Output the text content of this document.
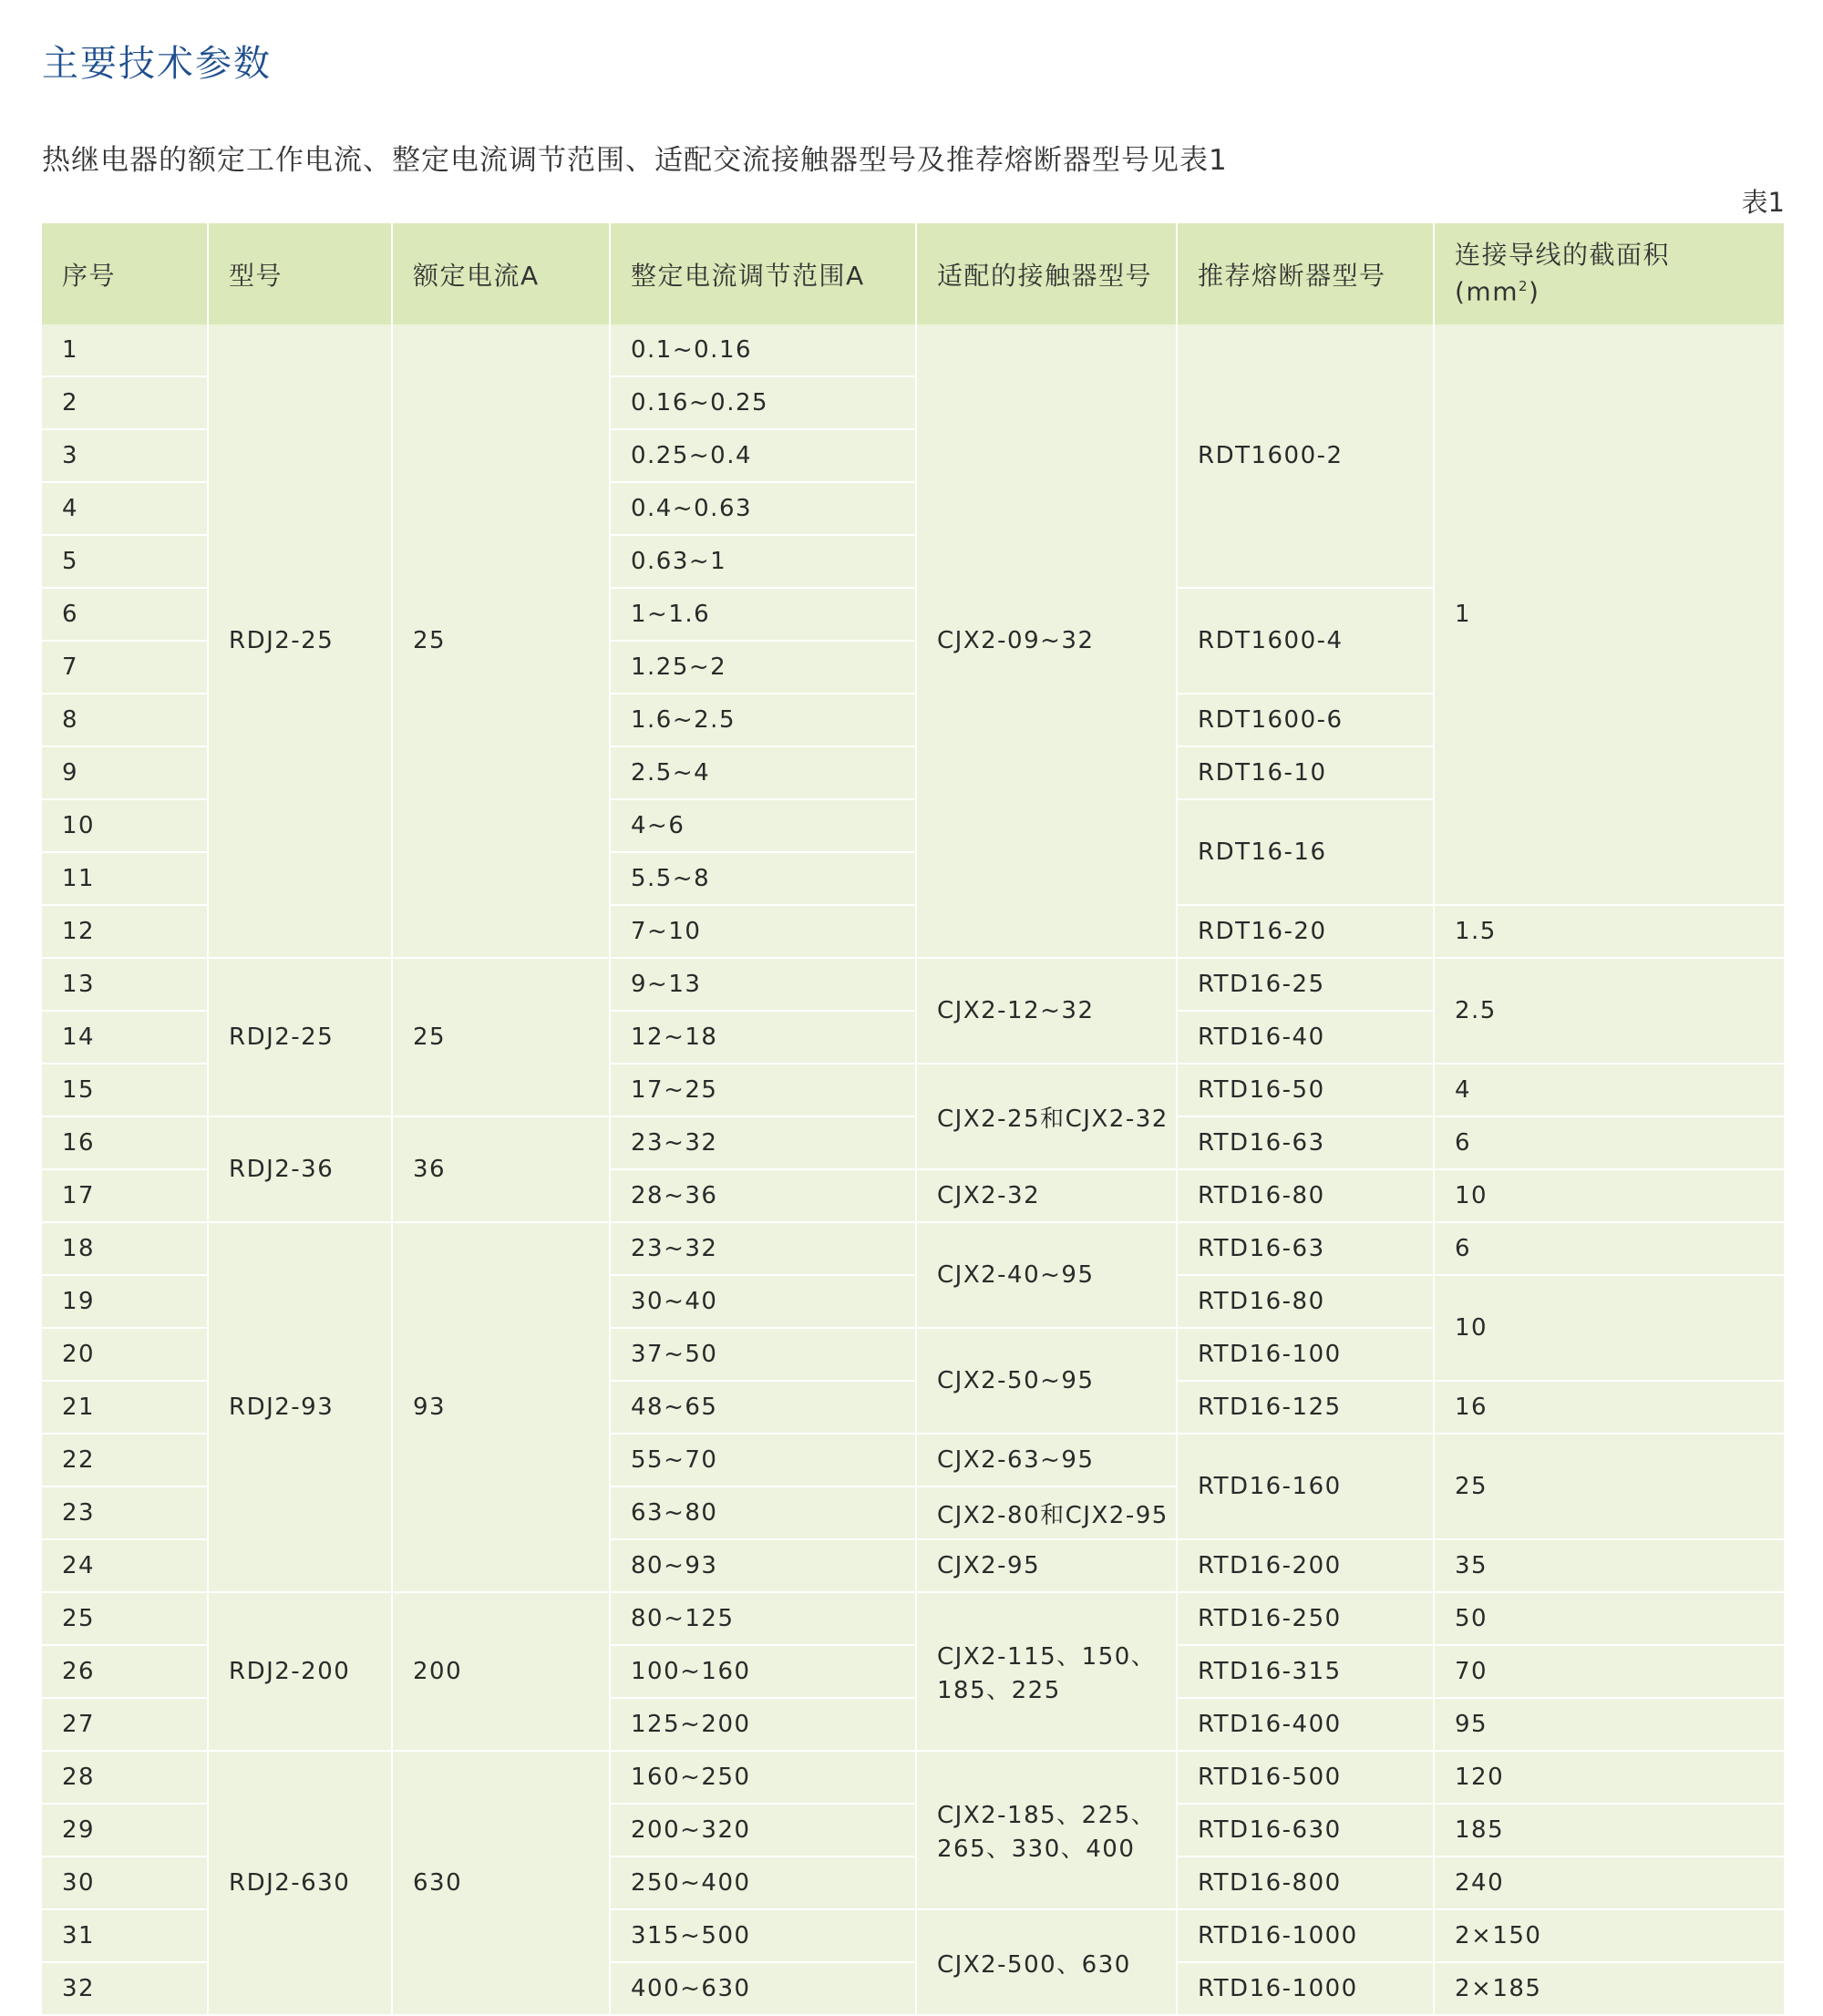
主要技术参数
热继电器的额定工作电流、整定电流调节范围、适配交流接触器型号及推荐熔断器型号见表1
表1
序号	型号	额定电流A	整定电流调节范围A	适配的接触器型号	推荐熔断器型号	连接导线的截面积
$(mm^2)$

1	RDJ2-25	25	0.1~0.16	CJX2-09~32	RDT1600-2	1
2			0.16~0.25			
3			0.25~0.4			
4			0.4~0.63			
5			0.63~1			
6			1~1.6		RDT1600-4	
7			1.25~2			
8			1.6~2.5		RDT1600-6	
9			2.5~4		RDT16-10	
10			4~6		RDT16-16	
11			5.5~8			
12			7~10		RDT16-20	1.5
13	RDJ2-25	25	9~13	CJX2-12~32	RTD16-25	2.5
14			12~18		RTD16-40	
15			17~25	CJX2-25和CJX2-32	RTD16-50	4
16	RDJ2-36	36	23~32		RTD16-63	6
17			28~36	CJX2-32	RTD16-80	10
18	RDJ2-93	93	23~32	CJX2-40~95	RTD16-63	6
19			30~40		RTD16-80	10
20			37~50	CJX2-50~95	RTD16-100	
21			48~65		RTD16-125	16
22			55~70	CJX2-63~95	RTD16-160	25
23			63~80	CJX2-80和CJX2-95		
24			80~93	CJX2-95	RTD16-200	35
25	RDJ2-200	200	80~125	CJX2-115、150、185、225	RTD16-250	50
26			100~160		RTD16-315	70
27			125~200		RTD16-400	95
28	RDJ2-630	630	160~250	CJX2-185、225、265、330、400	RTD16-500	120
29			200~320		RTD16-630	185
30			250~400		RTD16-800	240
31			315~500	CJX2-500、630	RTD16-1000	2×150
32			400~630		RTD16-1000	2×185
